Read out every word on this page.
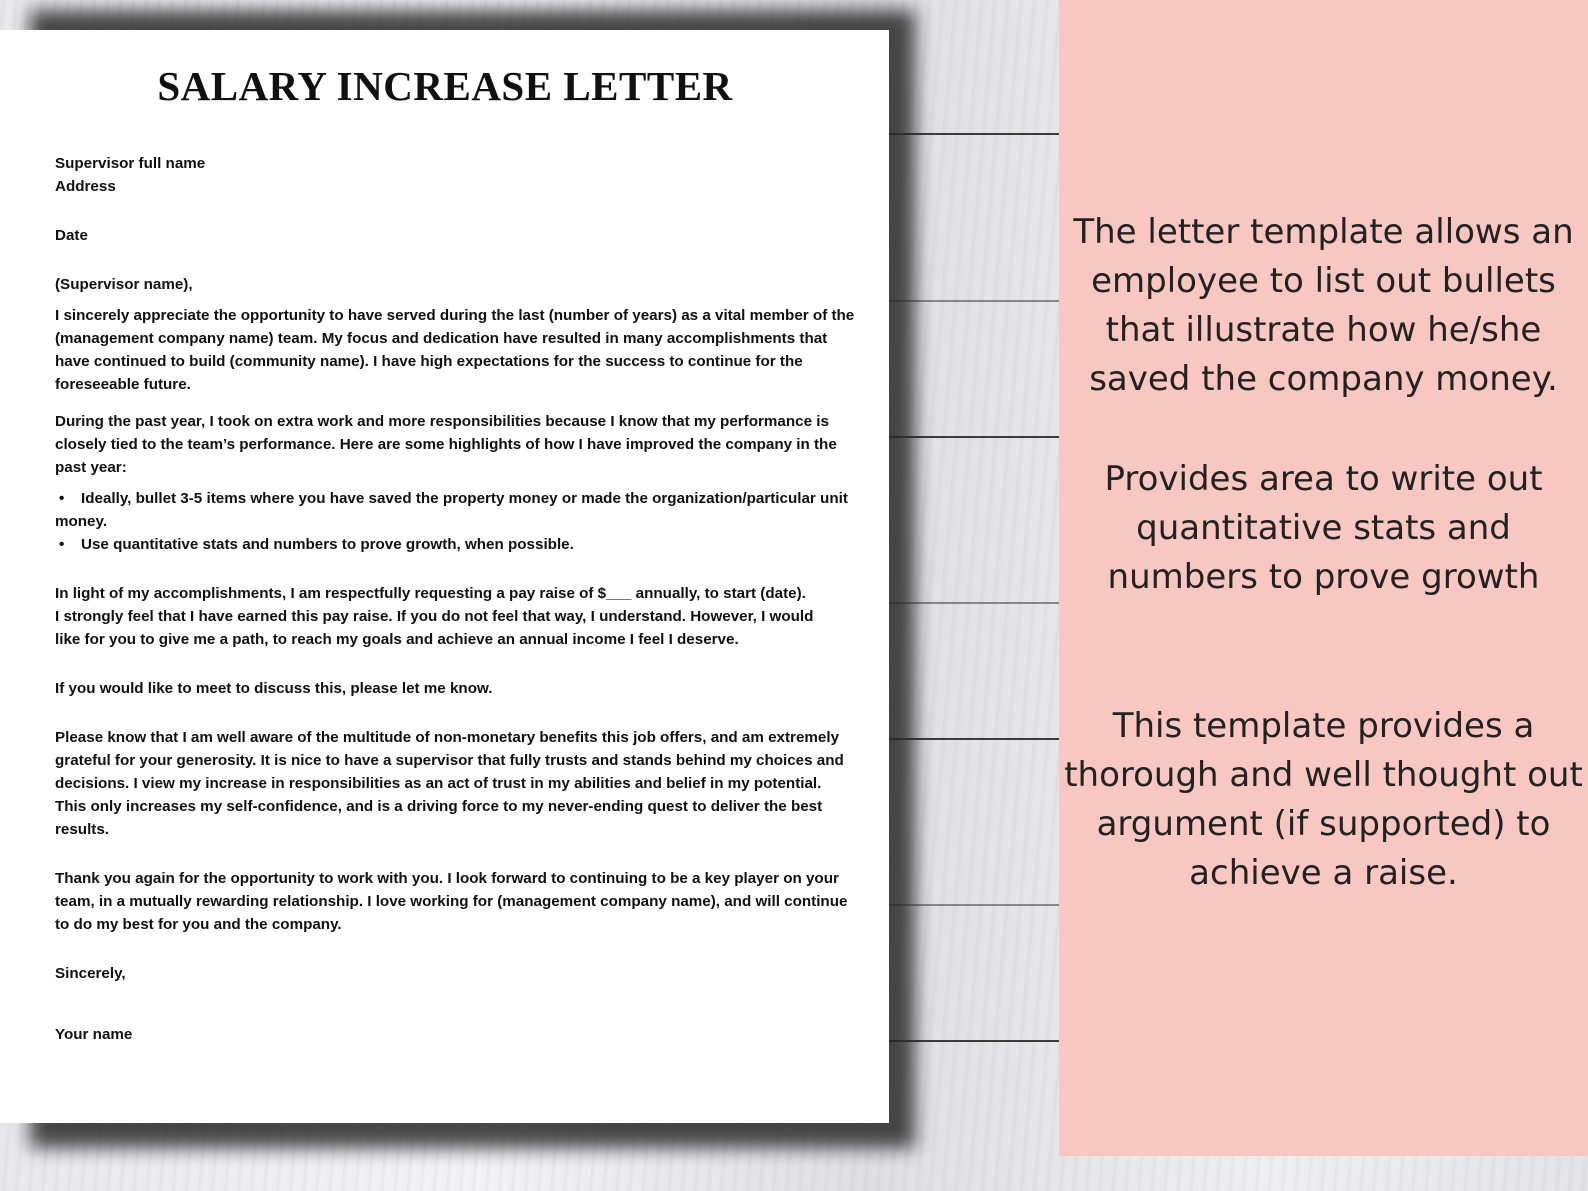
SALARY INCREASE LETTER

Supervisor full name

Address

Date

(Supervisor name),

I sincerely appreciate the opportunity to have served during the last (number of years) as a vital member of the (management company name) team. My focus and dedication have resulted in many accomplishments that have continued to build (community name). I have high expectations for the success to continue for the foreseeable future.

During the past year, I took on extra work and more responsibilities because I know that my performance is closely tied to the team’s performance. Here are some highlights of how I have improved the company in the past year:

• Ideally, bullet 3-5 items where you have saved the property money or made the organization/particular unit money.
• Use quantitative stats and numbers to prove growth, when possible.

In light of my accomplishments, I am respectfully requesting a pay raise of $___ annually, to start (date).

I strongly feel that I have earned this pay raise. If you do not feel that way, I understand. However, I would like for you to give me a path, to reach my goals and achieve an annual income I feel I deserve.

If you would like to meet to discuss this, please let me know.

Please know that I am well aware of the multitude of non-monetary benefits this job offers, and am extremely grateful for your generosity. It is nice to have a supervisor that fully trusts and stands behind my choices and decisions. I view my increase in responsibilities as an act of trust in my abilities and belief in my potential. This only increases my self-confidence, and is a driving force to my never-ending quest to deliver the best results.

Thank you again for the opportunity to work with you. I look forward to continuing to be a key player on your team, in a mutually rewarding relationship. I love working for (management company name), and will continue to do my best for you and the company.

Sincerely,

Your name

The letter template allows an employee to list out bullets that illustrate how he/she saved the company money.

Provides area to write out quantitative stats and numbers to prove growth

This template provides a thorough and well thought out argument (if supported) to achieve a raise.
